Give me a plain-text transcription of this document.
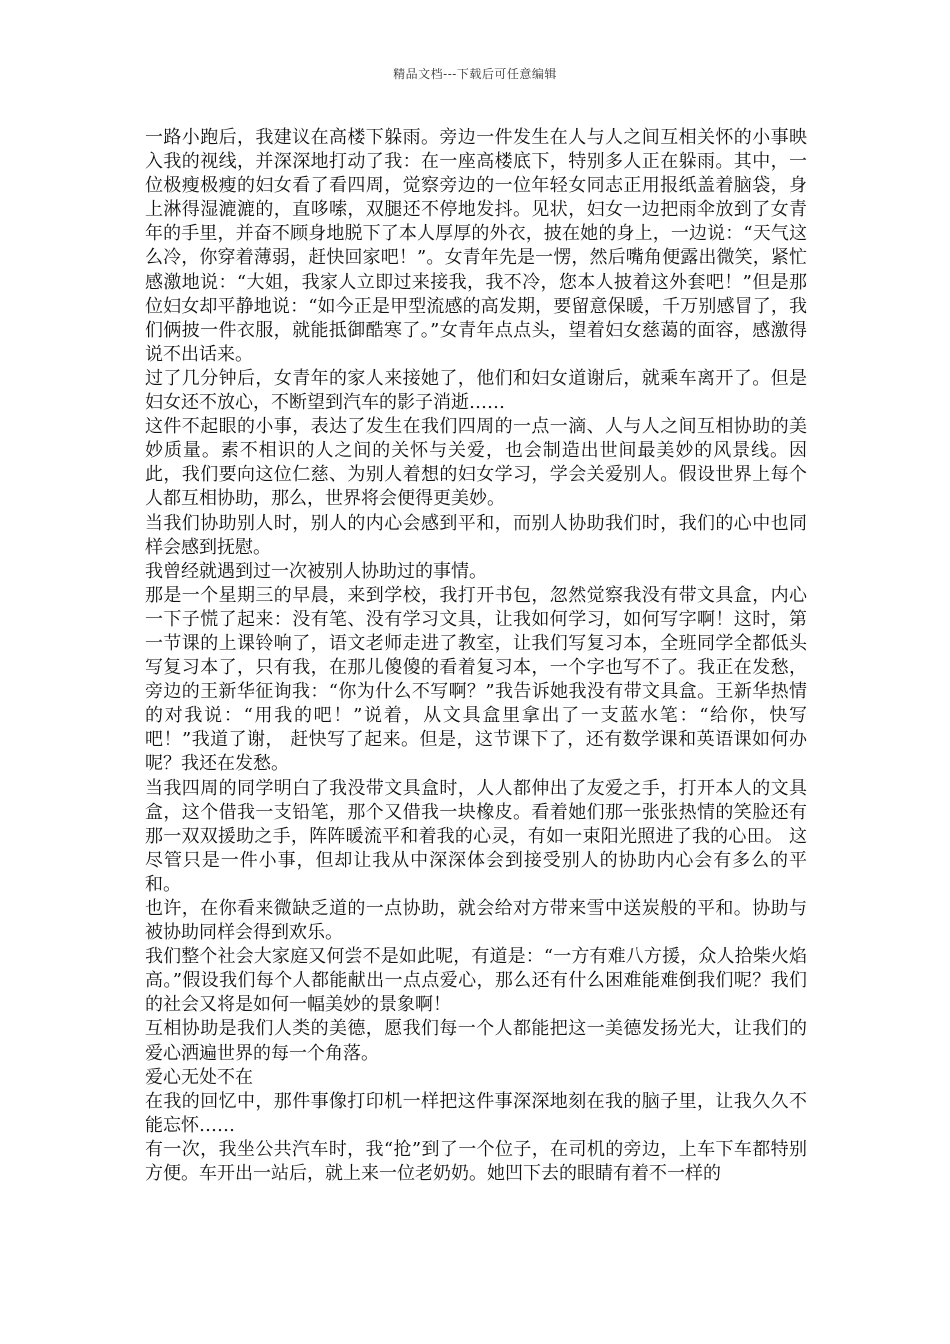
精品文档---下载后可任意编辑

一路小跑后，我建议在高楼下躲雨。旁边一件发生在人与人之间互相关怀的小事映入我的视线，并深深地打动了我：在一座高楼底下，特别多人正在躲雨。其中，一位极瘦极瘦的妇女看了看四周，觉察旁边的一位年轻女同志正用报纸盖着脑袋，身上淋得湿漉漉的，直哆嗦，双腿还不停地发抖。见状，妇女一边把雨伞放到了女青年的手里，并奋不顾身地脱下了本人厚厚的外衣，披在她的身上，一边说：“天气这么冷，你穿着薄弱，赶快回家吧！”。女青年先是一愣，然后嘴角便露出微笑，紧忙感激地说：“大姐，我家人立即过来接我，我不冷，您本人披着这外套吧！”但是那位妇女却平静地说：“如今正是甲型流感的高发期，要留意保暖，千万别感冒了，我们俩披一件衣服，就能抵御酷寒了。”女青年点点头，望着妇女慈蔼的面容，感激得说不出话来。

过了几分钟后，女青年的家人来接她了，他们和妇女道谢后，就乘车离开了。但是妇女还不放心，不断望到汽车的影子消逝……

这件不起眼的小事，表达了发生在我们四周的一点一滴、人与人之间互相协助的美妙质量。素不相识的人之间的关怀与关爱，也会制造出世间最美妙的风景线。因此，我们要向这位仁慈、为别人着想的妇女学习，学会关爱别人。假设世界上每个人都互相协助，那么，世界将会便得更美妙。

当我们协助别人时，别人的内心会感到平和，而别人协助我们时，我们的心中也同样会感到抚慰。

我曾经就遇到过一次被别人协助过的事情。

那是一个星期三的早晨，来到学校，我打开书包，忽然觉察我没有带文具盒，内心一下子慌了起来：没有笔、没有学习文具，让我如何学习，如何写字啊！这时，第一节课的上课铃响了，语文老师走进了教室，让我们写复习本，全班同学全都低头写复习本了，只有我，在那儿傻傻的看着复习本，一个字也写不了。我正在发愁，旁边的王新华征询我：“你为什么不写啊？”我告诉她我没有带文具盒。王新华热情的对我说：“用我的吧！”说着，从文具盒里拿出了一支蓝水笔：“给你，快写吧！”我道了谢， 赶快写了起来。但是，这节课下了，还有数学课和英语课如何办呢？我还在发愁。

当我四周的同学明白了我没带文具盒时，人人都伸出了友爱之手，打开本人的文具盒，这个借我一支铅笔，那个又借我一块橡皮。看着她们那一张张热情的笑脸还有那一双双援助之手，阵阵暖流平和着我的心灵，有如一束阳光照进了我的心田。 这尽管只是一件小事，但却让我从中深深体会到接受别人的协助内心会有多么的平和。

也许，在你看来微缺乏道的一点协助，就会给对方带来雪中送炭般的平和。协助与被协助同样会得到欢乐。

我们整个社会大家庭又何尝不是如此呢，有道是：“一方有难八方援，众人拾柴火焰高。”假设我们每个人都能献出一点点爱心，那么还有什么困难能难倒我们呢？我们的社会又将是如何一幅美妙的景象啊！

互相协助是我们人类的美德，愿我们每一个人都能把这一美德发扬光大，让我们的爱心洒遍世界的每一个角落。

爱心无处不在

在我的回忆中，那件事像打印机一样把这件事深深地刻在我的脑子里，让我久久不能忘怀……

有一次，我坐公共汽车时，我“抢”到了一个位子，在司机的旁边，上车下车都特别方便。车开出一站后，就上来一位老奶奶。她凹下去的眼睛有着不一样的
